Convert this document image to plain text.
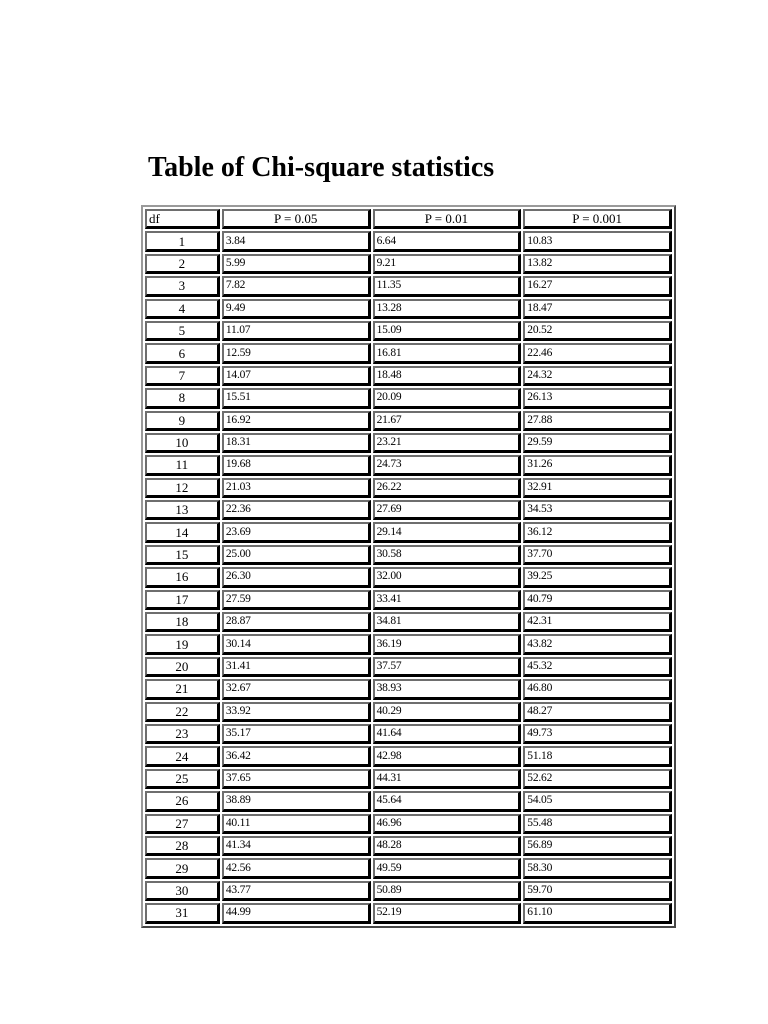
Table of Chi-square statistics
df	P = 0.05	P = 0.01	P = 0.001
1	3.84	6.64	10.83
2	5.99	9.21	13.82
3	7.82	11.35	16.27
4	9.49	13.28	18.47
5	11.07	15.09	20.52
6	12.59	16.81	22.46
7	14.07	18.48	24.32
8	15.51	20.09	26.13
9	16.92	21.67	27.88
10	18.31	23.21	29.59
11	19.68	24.73	31.26
12	21.03	26.22	32.91
13	22.36	27.69	34.53
14	23.69	29.14	36.12
15	25.00	30.58	37.70
16	26.30	32.00	39.25
17	27.59	33.41	40.79
18	28.87	34.81	42.31
19	30.14	36.19	43.82
20	31.41	37.57	45.32
21	32.67	38.93	46.80
22	33.92	40.29	48.27
23	35.17	41.64	49.73
24	36.42	42.98	51.18
25	37.65	44.31	52.62
26	38.89	45.64	54.05
27	40.11	46.96	55.48
28	41.34	48.28	56.89
29	42.56	49.59	58.30
30	43.77	50.89	59.70
31	44.99	52.19	61.10
